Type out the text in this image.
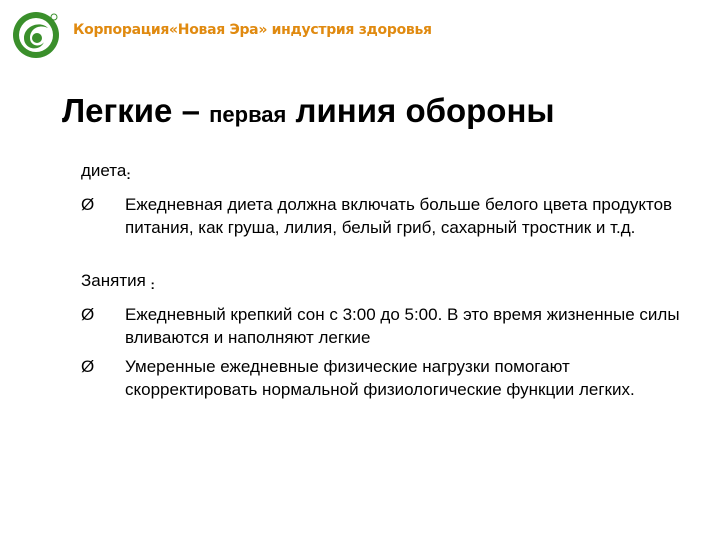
Корпорация«Новая Эра» индустрия здоровья
Легкие – первая линия обороны
диета:
Ø	Ежедневная диета должна включать больше белого цвета продуктов питания, как груша, лилия, белый гриб, сахарный тростник и т.д.
Занятия :
Ø	Ежедневный крепкий сон с 3:00 до 5:00. В это время жизненные силы вливаются и наполняют легкие
Ø	Умеренные ежедневные физические нагрузки помогают скорректировать нормальной физиологические функции легких.
